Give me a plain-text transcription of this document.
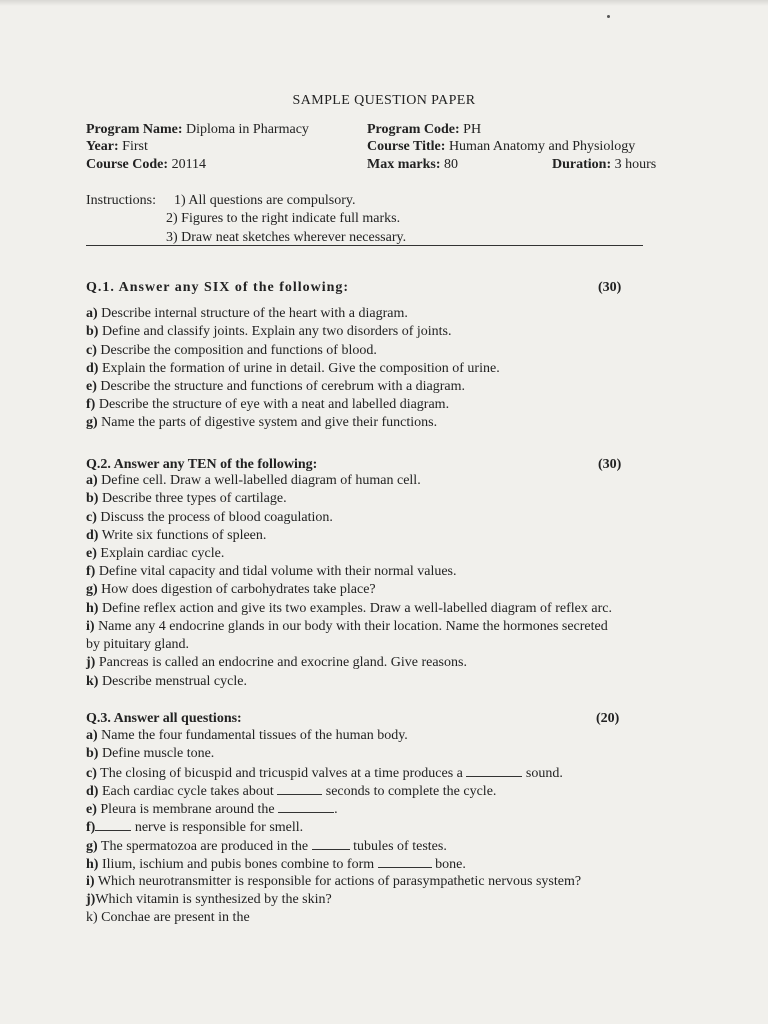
SAMPLE QUESTION PAPER
Program Name: Diploma in Pharmacy	Program Code: PH
Year: First	Course Title: Human Anatomy and Physiology
Course Code: 20114	Max marks: 80	Duration: 3 hours
Instructions: 1) All questions are compulsory.
2) Figures to the right indicate full marks.
3) Draw neat sketches wherever necessary.
Q.1. Answer any SIX of the following:	(30)
a) Describe internal structure of the heart with a diagram.
b) Define and classify joints. Explain any two disorders of joints.
c) Describe the composition and functions of blood.
d) Explain the formation of urine in detail. Give the composition of urine.
e) Describe the structure and functions of cerebrum with a diagram.
f) Describe the structure of eye with a neat and labelled diagram.
g) Name the parts of digestive system and give their functions.
Q.2. Answer any TEN of the following:	(30)
a) Define cell. Draw a well-labelled diagram of human cell.
b) Describe three types of cartilage.
c) Discuss the process of blood coagulation.
d) Write six functions of spleen.
e) Explain cardiac cycle.
f) Define vital capacity and tidal volume with their normal values.
g) How does digestion of carbohydrates take place?
h) Define reflex action and give its two examples. Draw a well-labelled diagram of reflex arc.
i) Name any 4 endocrine glands in our body with their location. Name the hormones secreted
by pituitary gland.
j) Pancreas is called an endocrine and exocrine gland. Give reasons.
k) Describe menstrual cycle.
Q.3. Answer all questions:	(20)
a) Name the four fundamental tissues of the human body.
b) Define muscle tone.
c) The closing of bicuspid and tricuspid valves at a time produces a	sound.
d) Each cardiac cycle takes about	seconds to complete the cycle.
e) Pleura is membrane around the	.
f)	nerve is responsible for smell.
g) The spermatozoa are produced in the	tubules of testes.
h) Ilium, ischium and pubis bones combine to form	bone.
i) Which neurotransmitter is responsible for actions of parasympathetic nervous system?
j)Which vitamin is synthesized by the skin?
k) Conchae are present in the
